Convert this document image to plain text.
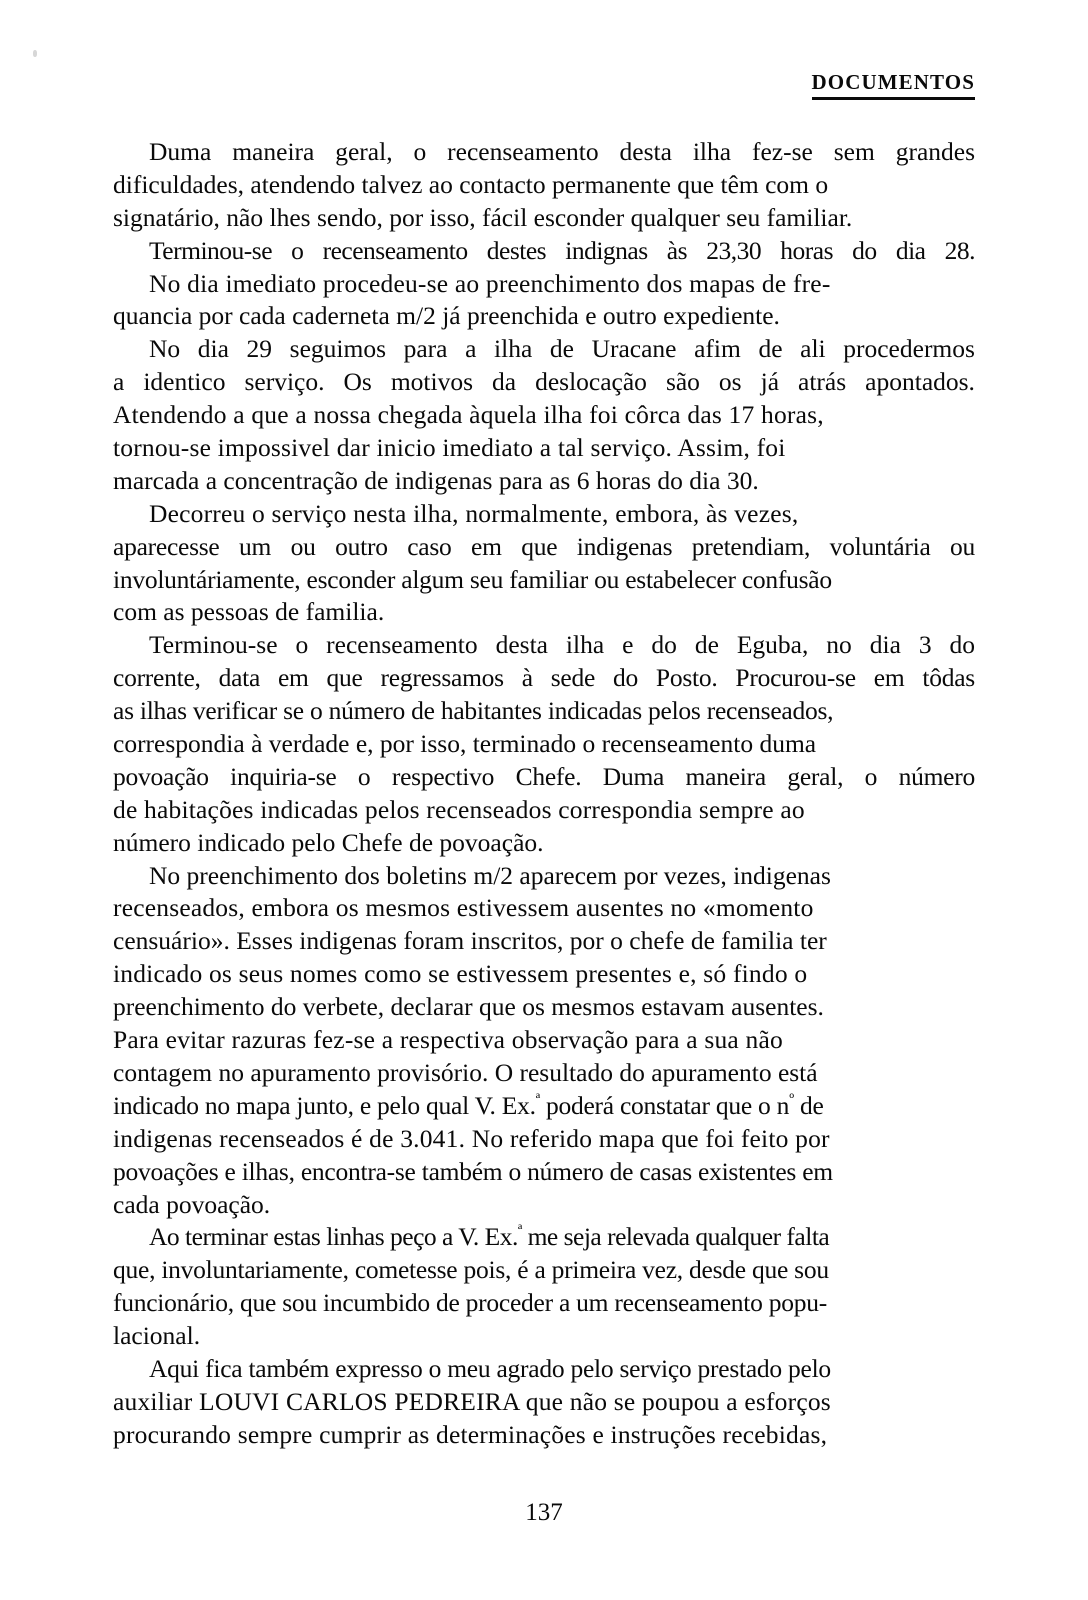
DOCUMENTOS
Duma maneira geral, o recenseamento desta ilha fez-se sem grandes
dificuldades, atendendo talvez ao contacto permanente que têm com o
signatário, não lhes sendo, por isso, fácil esconder qualquer seu familiar.
Terminou-se o recenseamento destes indignas às 23,30 horas do dia 28.
No dia imediato procedeu-se ao preenchimento dos mapas de fre-
quancia por cada caderneta m/2 já preenchida e outro expediente.
No dia 29 seguimos para a ilha de Uracane afim de ali procedermos
a identico serviço. Os motivos da deslocação são os já atrás apontados.
Atendendo a que a nossa chegada àquela ilha foi côrca das 17 horas,
tornou-se impossivel dar inicio imediato a tal serviço. Assim, foi
marcada a concentração de indigenas para as 6 horas do dia 30.
Decorreu o serviço nesta ilha, normalmente, embora, às vezes,
aparecesse um ou outro caso em que indigenas pretendiam, voluntária ou
involuntáriamente, esconder algum seu familiar ou estabelecer confusão
com as pessoas de familia.
Terminou-se o recenseamento desta ilha e do de Eguba, no dia 3 do
corrente, data em que regressamos à sede do Posto. Procurou-se em tôdas
as ilhas verificar se o número de habitantes indicadas pelos recenseados,
correspondia à verdade e, por isso, terminado o recenseamento duma
povoação inquiria-se o respectivo Chefe. Duma maneira geral, o número
de habitações indicadas pelos recenseados correspondia sempre ao
número indicado pelo Chefe de povoação.
No preenchimento dos boletins m/2 aparecem por vezes, indigenas
recenseados, embora os mesmos estivessem ausentes no «momento
censuário». Esses indigenas foram inscritos, por o chefe de familia ter
indicado os seus nomes como se estivessem presentes e, só findo o
preenchimento do verbete, declarar que os mesmos estavam ausentes.
Para evitar razuras fez-se a respectiva observação para a sua não
contagem no apuramento provisório. O resultado do apuramento está
indicado no mapa junto, e pelo qual V. Ex.$^ª$ poderá constatar que o $n^º$ de
indigenas recenseados é de 3.041. No referido mapa que foi feito por
povoações e ilhas, encontra-se também o número de casas existentes em
cada povoação.
Ao terminar estas linhas peço a V. Ex.$^ª$ me seja relevada qualquer falta
que, involuntariamente, cometesse pois, é a primeira vez, desde que sou
funcionário, que sou incumbido de proceder a um recenseamento popu-
lacional.
Aqui fica também expresso o meu agrado pelo serviço prestado pelo
auxiliar LOUVI CARLOS PEDREIRA que não se poupou a esforços
procurando sempre cumprir as determinações e instruções recebidas,
137
